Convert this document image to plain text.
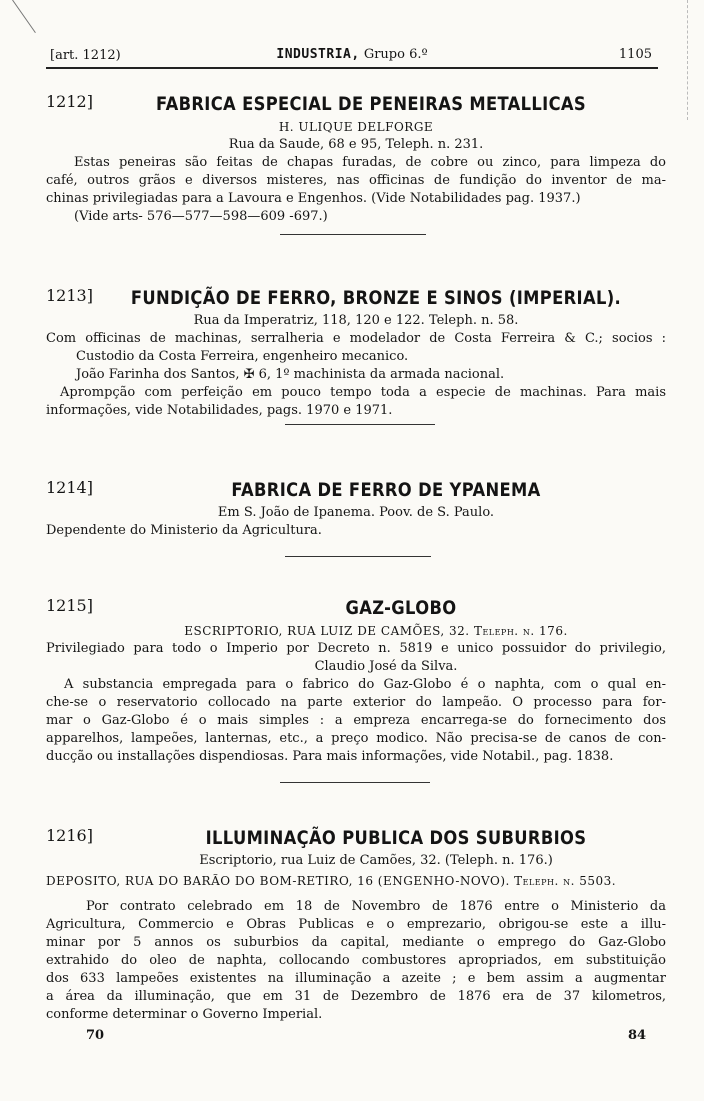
[art. 1212)	INDUSTRIA, Grupo 6.º	1105
1212]	FABRICA ESPECIAL DE PENEIRAS METALLICAS
H. ULIQUE DELFORGE
Rua da Saude, 68 e 95, Teleph. n. 231.
Estas peneiras são feitas de chapas furadas, de cobre ou zinco, para limpeza do
café, outros grãos e diversos misteres, nas officinas de fundição do inventor de ma-
chinas privilegiadas para a Lavoura e Engenhos. (Vide Notabilidades pag. 1937.)
(Vide arts- 576—577—598—609 -697.)
1213] FUNDIÇÃO DE FERRO, BRONZE E SINOS (IMPERIAL).
Rua da Imperatriz, 118, 120 e 122. Teleph. n. 58.
Com officinas de machinas, serralheria e modelador de Costa Ferreira & C.; socios :
Custodio da Costa Ferreira, engenheiro mecanico.
João Farinha dos Santos, ✠ 6, 1º machinista da armada nacional.
Aprompção com perfeição em pouco tempo toda a especie de machinas. Para mais
informações, vide Notabilidades, pags. 1970 e 1971.
1214]	FABRICA DE FERRO DE YPANEMA
Em S. João de Ipanema. Poov. de S. Paulo.
Dependente do Ministerio da Agricultura.
1215]	GAZ-GLOBO
ESCRIPTORIO, RUA LUIZ DE CAMÕES, 32. Teleph. n. 176.
Privilegiado para todo o Imperio por Decreto n. 5819 e unico possuidor do privilegio,
Claudio José da Silva.
A substancia empregada para o fabrico do Gaz-Globo é o naphta, com o qual en-
che-se o reservatorio collocado na parte exterior do lampeão. O processo para for-
mar o Gaz-Globo é o mais simples : a empreza encarrega-se do fornecimento dos
apparelhos, lampeões, lanternas, etc., a preço modico. Não precisa-se de canos de con-
ducção ou installações dispendiosas. Para mais informações, vide Notabil., pag. 1838.
1216]	ILLUMINAÇÃO PUBLICA DOS SUBURBIOS
Escriptorio, rua Luiz de Camões, 32. (Teleph. n. 176.)
DEPOSITO, RUA DO BARÃO DO BOM-RETIRO, 16 (ENGENHO-NOVO). Teleph. n. 5503.
Por contrato celebrado em 18 de Novembro de 1876 entre o Ministerio da
Agricultura, Commercio e Obras Publicas e o emprezario, obrigou-se este a illu-
minar por 5 annos os suburbios da capital, mediante o emprego do Gaz-Globo
extrahido do oleo de naphta, collocando combustores apropriados, em substituição
dos 633 lampeões existentes na illuminação a azeite ; e bem assim a augmentar
a área da illuminação, que em 31 de Dezembro de 1876 era de 37 kilometros,
conforme determinar o Governo Imperial.
70	84
